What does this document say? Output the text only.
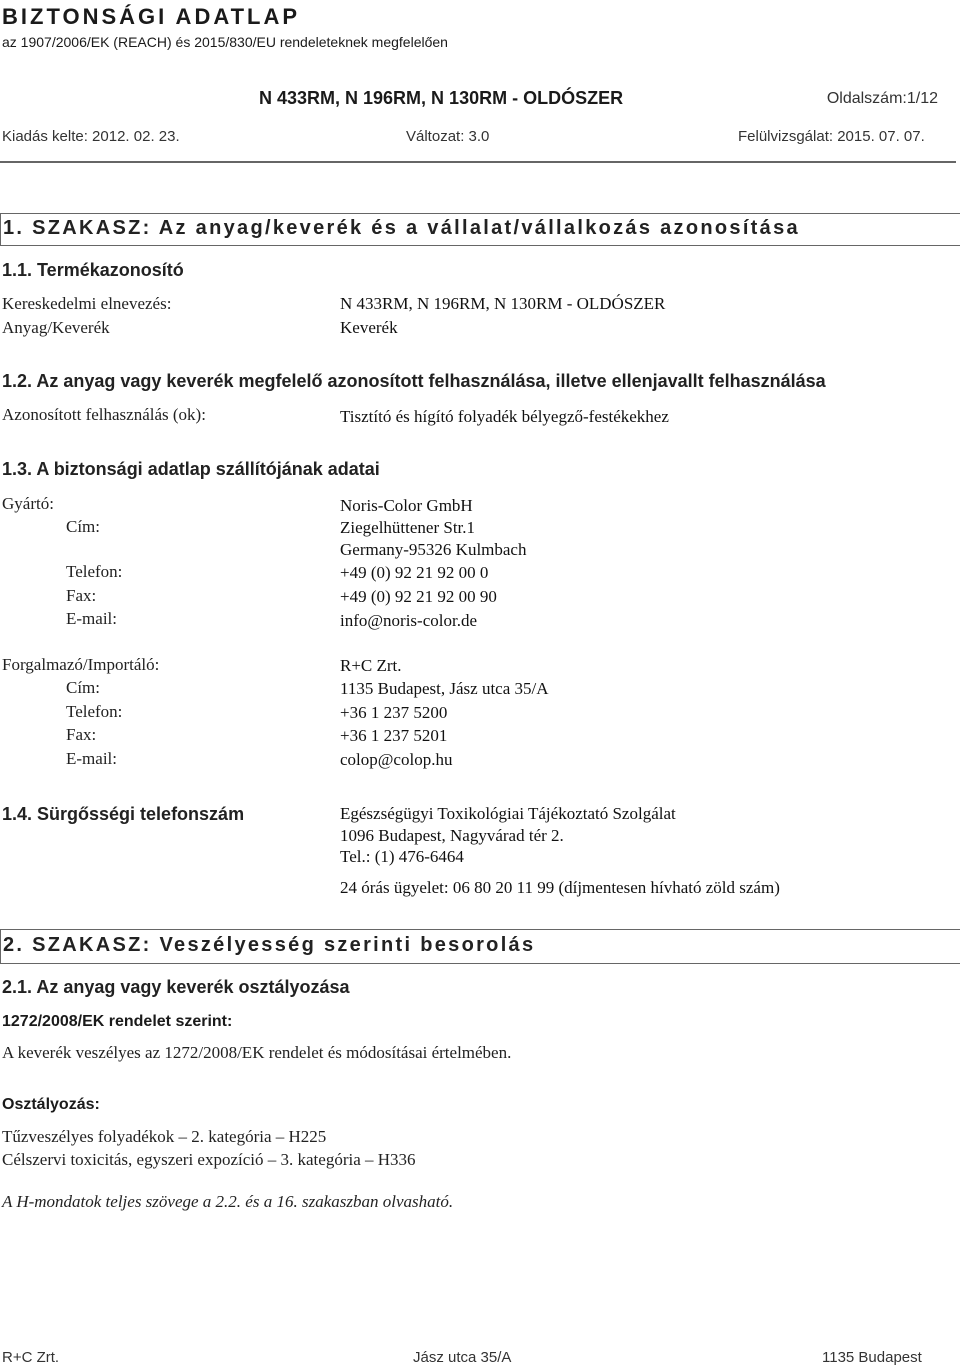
BIZTONSÁGI ADATLAP
az 1907/2006/EK (REACH) és 2015/830/EU rendeleteknek megfelelően
N 433RM, N 196RM, N 130RM - OLDÓSZER	Oldalszám:1/12
Kiadás kelte: 2012. 02. 23.	Változat: 3.0	Felülvizsgálat: 2015. 07. 07.
1. SZAKASZ: Az anyag/keverék és a vállalat/vállalkozás azonosítása
1.1. Termékazonosító
Kereskedelmi elnevezés:	N 433RM, N 196RM, N 130RM - OLDÓSZER
Anyag/Keverék	Keverék
1.2. Az anyag vagy keverék megfelelő azonosított felhasználása, illetve ellenjavallt felhasználása
Azonosított felhasználás (ok):	Tisztító és hígító folyadék bélyegző-festékekhez
1.3. A biztonsági adatlap szállítójának adatai
Gyártó:	Noris-Color GmbH
Cím:	Ziegelhüttener Str.1
Germany-95326 Kulmbach
Telefon:	+49 (0) 92 21 92 00 0
Fax:	+49 (0) 92 21 92 00 90
E-mail:	info@noris-color.de
Forgalmazó/Importáló:	R+C Zrt.
Cím:	1135 Budapest, Jász utca 35/A
Telefon:	+36 1 237 5200
Fax:	+36 1 237 5201
E-mail:	colop@colop.hu
1.4. Sürgősségi telefonszám	Egészségügyi Toxikológiai Tájékoztató Szolgálat
1096 Budapest, Nagyvárad tér 2.
Tel.: (1) 476-6464
24 órás ügyelet: 06 80 20 11 99 (díjmentesen hívható zöld szám)
2. SZAKASZ: Veszélyesség szerinti besorolás
2.1. Az anyag vagy keverék osztályozása
1272/2008/EK rendelet szerint:
A keverék veszélyes az 1272/2008/EK rendelet és módosításai értelmében.
Osztályozás:
Tűzveszélyes folyadékok – 2. kategória – H225
Célszervi toxicitás, egyszeri expozíció – 3. kategória – H336
A H-mondatok teljes szövege a 2.2. és a 16. szakaszban olvasható.
R+C Zrt.	Jász utca 35/A	1135 Budapest
